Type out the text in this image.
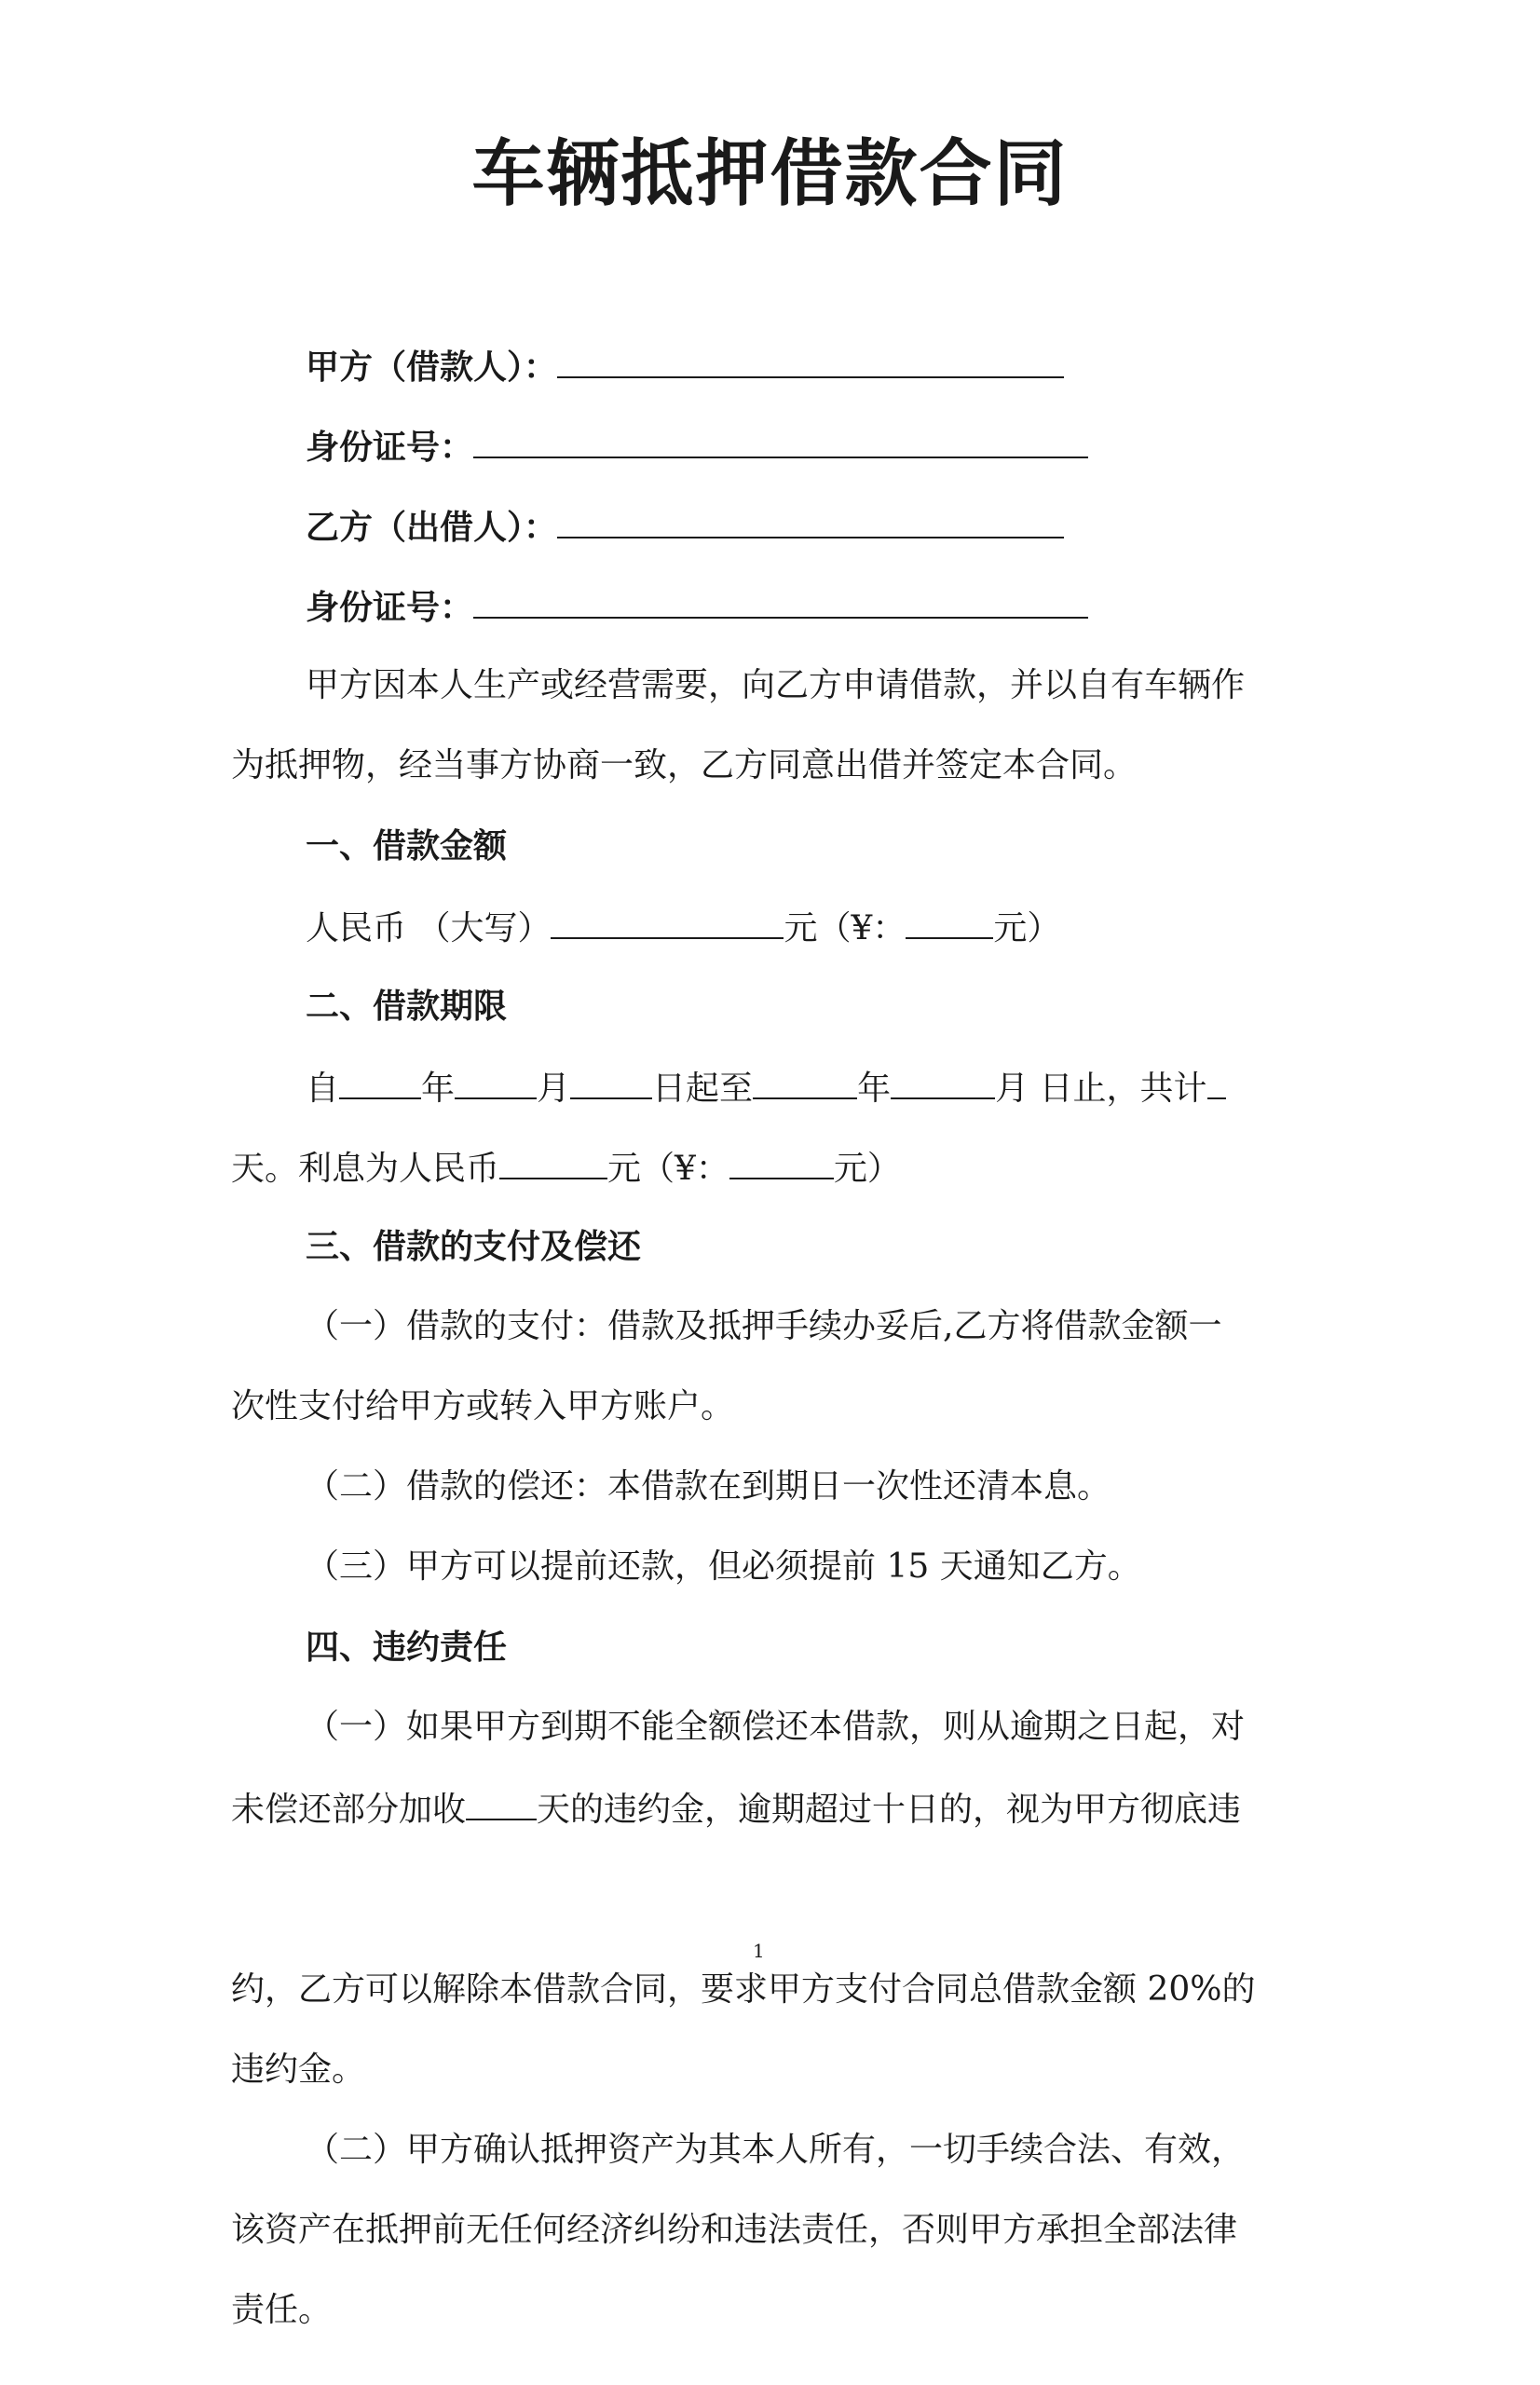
车辆抵押借款合同
甲方（借款人）：
身份证号：
乙方（出借人）：
身份证号：
甲方因本人生产或经营需要，向乙方申请借款，并以自有车辆作
为抵押物，经当事方协商一致，乙方同意出借并签定本合同。
一、借款金额
人民币 （大写）	元（¥：	元）
二、借款期限
自 年 月 日起至	年	月 日止，共计
天。利息为人民币	元（¥：	元）
三、借款的支付及偿还
（一）借款的支付：借款及抵押手续办妥后,乙方将借款金额一
次性支付给甲方或转入甲方账户。
（二）借款的偿还：本借款在到期日一次性还清本息。
（三）甲方可以提前还款，但必须提前 15 天通知乙方。
四、违约责任
（一）如果甲方到期不能全额偿还本借款，则从逾期之日起，对
未偿还部分加收 天的违约金，逾期超过十日的，视为甲方彻底违
1
约，乙方可以解除本借款合同，要求甲方支付合同总借款金额 20%的
违约金。
（二）甲方确认抵押资产为其本人所有，一切手续合法、有效，
该资产在抵押前无任何经济纠纷和违法责任，否则甲方承担全部法律
责任。
